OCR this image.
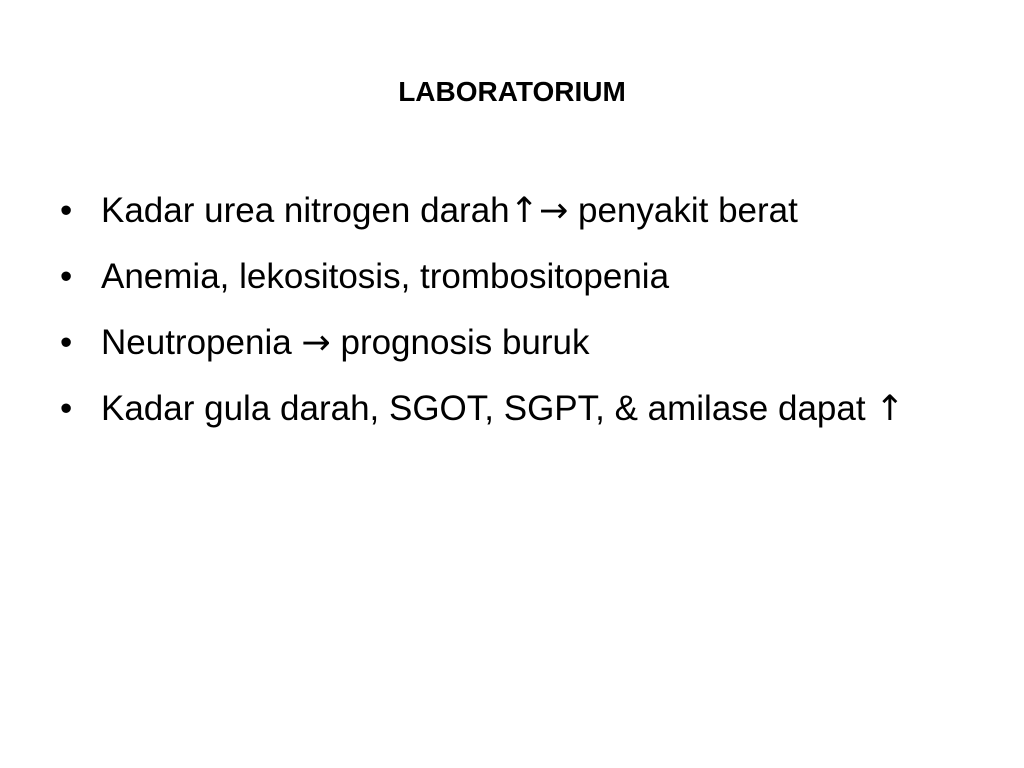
LABORATORIUM
• Kadar urea nitrogen darah↑→ penyakit berat
• Anemia, lekositosis, trombositopenia
• Neutropenia → prognosis buruk
• Kadar gula darah, SGOT, SGPT, & amilase dapat ↑
